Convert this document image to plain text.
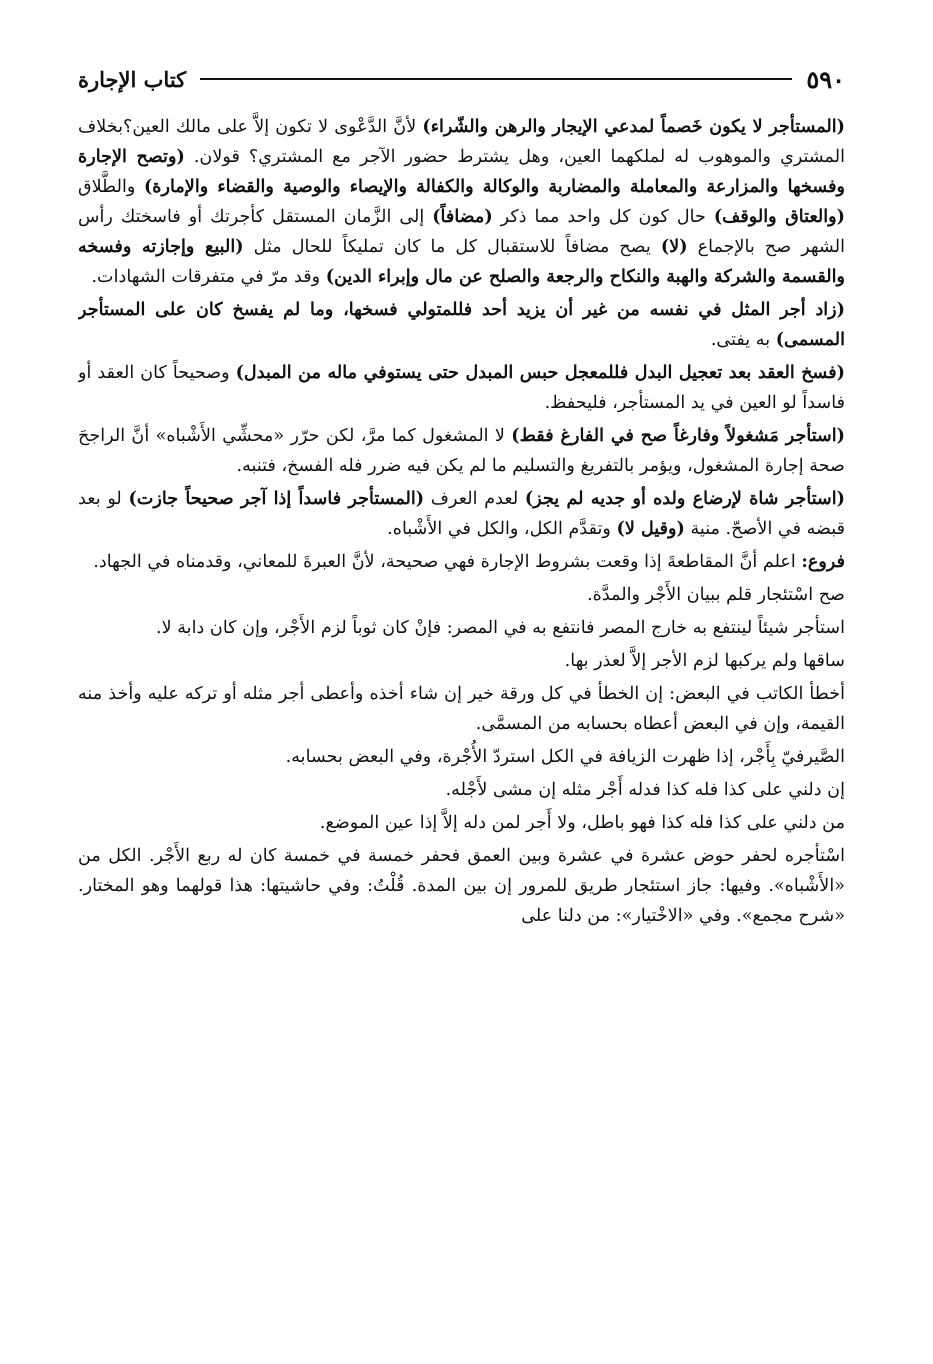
٥٩٠
كتاب الإجارة

(المستأجر لا يكون خَصماً لمدعي الإيجار والرهن والشّراء) لأنَّ الدَّعْوى لا تكون إلاَّ على مالك العين؟بخلاف المشتري والموهوب له لملكهما العين، وهل يشترط حضور الآجر مع المشتري؟ قولان. (وتصح الإجارة وفسخها والمزارعة والمعاملة والمضاربة والوكالة والكفالة والإيصاء والوصية والقضاء والإمارة) والطَّلاق (والعتاق والوقف) حال كون كل واحد مما ذكر (مضافاً) إلى الزَّمان المستقل كأجرتك أو فاسختك رأس الشهر صح بالإجماع (لا) يصح مضافاً للاستقبال كل ما كان تمليكاً للحال مثل (البيع وإجازته وفسخه والقسمة والشركة والهبة والنكاح والرجعة والصلح عن مال وإبراء الدين) وقد مرّ في متفرقات الشهادات.

(زاد أجر المثل في نفسه من غير أن يزيد أحد فللمتولي فسخها، وما لم يفسخ كان على المستأجر المسمى) به يفتى.

(فسخ العقد بعد تعجيل البدل فللمعجل حبس المبدل حتى يستوفي ماله من المبدل) وصحيحاً كان العقد أو فاسداً لو العين في يد المستأجر، فليحفظ.

(استأجر مَشغولاً وفارغاً صح في الفارغ فقط) لا المشغول كما مرَّ، لكن حرّر «محشِّي الأَشْباه» أنَّ الراجحَ صحة إجارة المشغول، ويؤمر بالتفريغ والتسليم ما لم يكن فيه ضرر فله الفسخ، فتنبه.

(استأجر شاة لإرضاع ولده أو جديه لم يجز) لعدم العرف (المستأجر فاسداً إذا آجر صحيحاً جازت) لو بعد قبضه في الأصحّ. منية (وقيل لا) وتقدَّم الكل، والكل في الأَشْباه.

فروع: اعلم أنَّ المقاطعةَ إذا وقعت بشروط الإجارة فهي صحيحة، لأنَّ العبرةَ للمعاني، وقدمناه في الجهاد.

صح اسْتئجار قلم ببيان الأَجْر والمدَّة.

استأجر شيئاً لينتفع به خارج المصر فانتفع به في المصر: فإنْ كان ثوباً لزم الأَجْر، وإن كان دابة لا.

ساقها ولم يركبها لزم الأجر إلاَّ لعذر بها.

أخطأ الكاتب في البعض: إن الخطأ في كل ورقة خير إن شاء أخذه وأعطى أجر مثله أو تركه عليه وأخذ منه القيمة، وإن في البعض أعطاه بحسابه من المسمَّى.

الصَّيرفيّ بِأَجْر، إذا ظهرت الزيافة في الكل استردّ الأُجْرة، وفي البعض بحسابه.

إن دلني على كذا فله كذا فدله أَجْر مثله إن مشى لأَجْله.

من دلني على كذا فله كذا فهو باطل، ولا أَجر لمن دله إلاَّ إذا عين الموضع.

اسْتأجره لحفر حوض عشرة في عشرة وبين العمق فحفر خمسة في خمسة كان له ربع الأَجْر. الكل من «الأَشْباه». وفيها: جاز استئجار طريق للمرور إن بين المدة. قُلْتُ: وفي حاشيتها: هذا قولهما وهو المختار. «شرح مجمع». وفي «الاخْتيار»: من دلنا على
